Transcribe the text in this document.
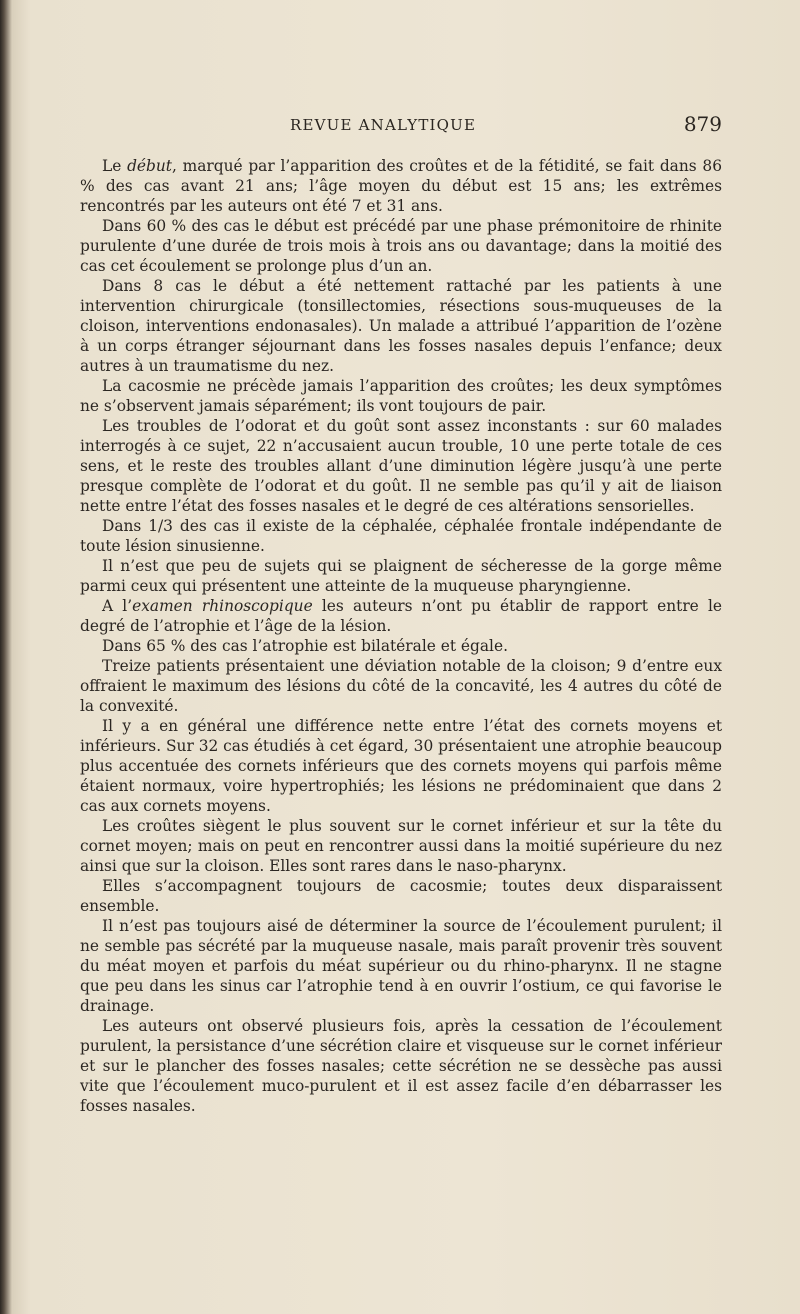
REVUE ANALYTIQUE	879

Le début, marqué par l’apparition des croûtes et de la fétidité, se fait dans 86 % des cas avant 21 ans; l’âge moyen du début est 15 ans; les extrêmes rencontrés par les auteurs ont été 7 et 31 ans.

Dans 60 % des cas le début est précédé par une phase prémonitoire de rhinite purulente d’une durée de trois mois à trois ans ou davantage; dans la moitié des cas cet écoulement se prolonge plus d’un an.

Dans 8 cas le début a été nettement rattaché par les patients à une intervention chirurgicale (tonsillectomies, résections sous-muqueuses de la cloison, interventions endonasales). Un malade a attribué l’apparition de l’ozène à un corps étranger séjournant dans les fosses nasales depuis l’enfance; deux autres à un traumatisme du nez.

La cacosmie ne précède jamais l’apparition des croûtes; les deux symptômes ne s’observent jamais séparément; ils vont toujours de pair.

Les troubles de l’odorat et du goût sont assez inconstants : sur 60 malades interrogés à ce sujet, 22 n’accusaient aucun trouble, 10 une perte totale de ces sens, et le reste des troubles allant d’une diminution légère jusqu’à une perte presque complète de l’odorat et du goût. Il ne semble pas qu’il y ait de liaison nette entre l’état des fosses nasales et le degré de ces altérations sensorielles.

Dans 1/3 des cas il existe de la céphalée, céphalée frontale indépendante de toute lésion sinusienne.

Il n’est que peu de sujets qui se plaignent de sécheresse de la gorge même parmi ceux qui présentent une atteinte de la muqueuse pharyngienne.

A l’examen rhinoscopique les auteurs n’ont pu établir de rapport entre le degré de l’atrophie et l’âge de la lésion.

Dans 65 % des cas l’atrophie est bilatérale et égale.

Treize patients présentaient une déviation notable de la cloison; 9 d’entre eux offraient le maximum des lésions du côté de la concavité, les 4 autres du côté de la convexité.

Il y a en général une différence nette entre l’état des cornets moyens et inférieurs. Sur 32 cas étudiés à cet égard, 30 présentaient une atrophie beaucoup plus accentuée des cornets inférieurs que des cornets moyens qui parfois même étaient normaux, voire hypertrophiés; les lésions ne prédominaient que dans 2 cas aux cornets moyens.

Les croûtes siègent le plus souvent sur le cornet inférieur et sur la tête du cornet moyen; mais on peut en rencontrer aussi dans la moitié supérieure du nez ainsi que sur la cloison. Elles sont rares dans le naso-pharynx.

Elles s’accompagnent toujours de cacosmie; toutes deux disparaissent ensemble.

Il n’est pas toujours aisé de déterminer la source de l’écoulement purulent; il ne semble pas sécrété par la muqueuse nasale, mais paraît provenir très souvent du méat moyen et parfois du méat supérieur ou du rhino-pharynx. Il ne stagne que peu dans les sinus car l’atrophie tend à en ouvrir l’ostium, ce qui favorise le drainage.

Les auteurs ont observé plusieurs fois, après la cessation de l’écoulement purulent, la persistance d’une sécrétion claire et visqueuse sur le cornet inférieur et sur le plancher des fosses nasales; cette sécrétion ne se dessèche pas aussi vite que l’écoulement muco-purulent et il est assez facile d’en débarrasser les fosses nasales.
